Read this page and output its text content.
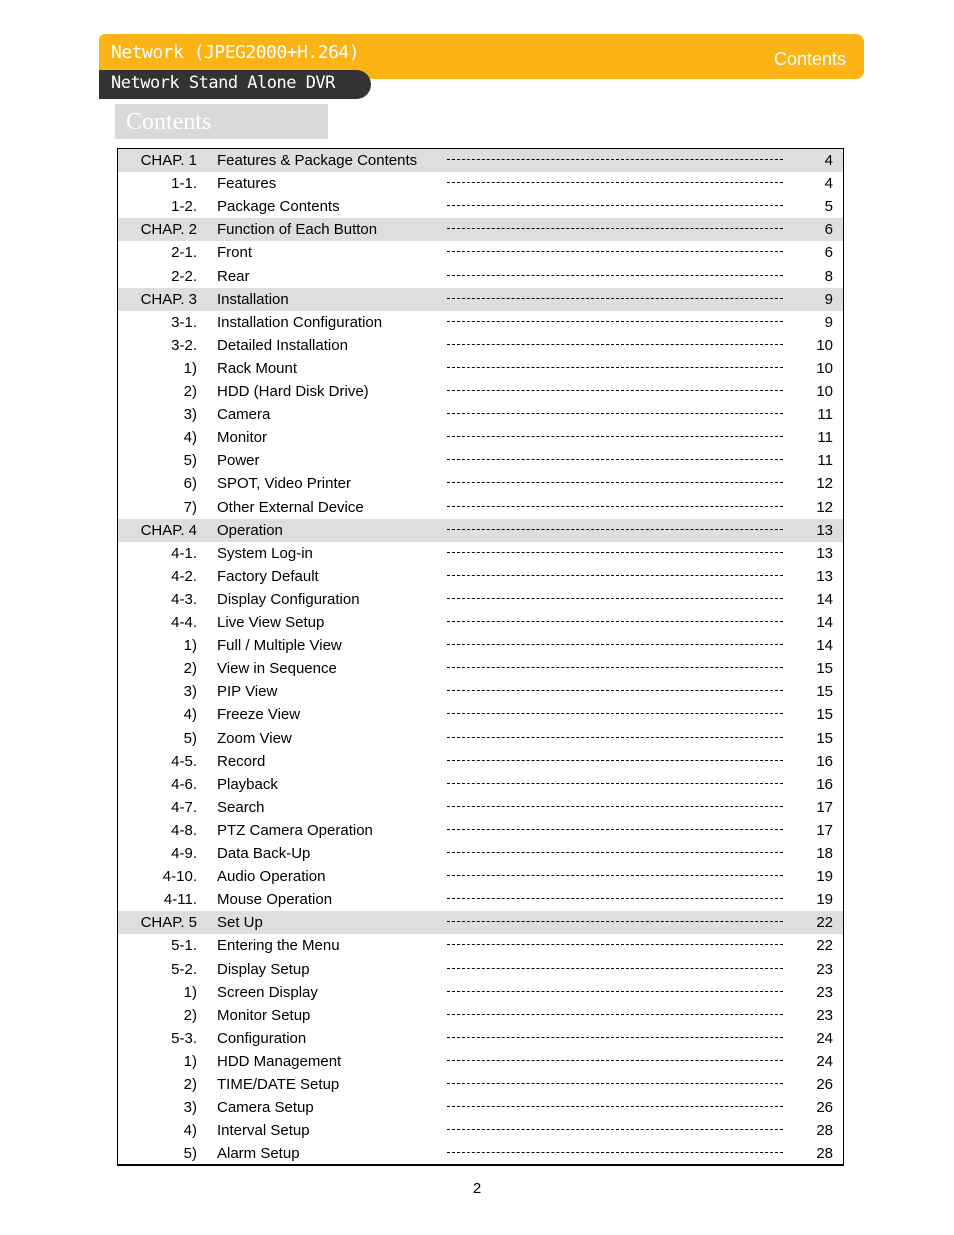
Network (JPEG2000+H.264)	Contents
Network Stand Alone DVR
Contents
CHAP. 1 Features & Package Contents	4
1-1. Features	4
1-2. Package Contents	5
CHAP. 2 Function of Each Button	6
2-1. Front	6
2-2. Rear	8
CHAP. 3 Installation	9
3-1. Installation Configuration	9
3-2. Detailed Installation	10
1) Rack Mount	10
2) HDD (Hard Disk Drive)	10
3) Camera	11
4) Monitor	11
5) Power	11
6) SPOT, Video Printer	12
7) Other External Device	12
CHAP. 4 Operation	13
4-1. System Log-in	13
4-2. Factory Default	13
4-3. Display Configuration	14
4-4. Live View Setup	14
1) Full / Multiple View	14
2) View in Sequence	15
3) PIP View	15
4) Freeze View	15
5) Zoom View	15
4-5. Record	16
4-6. Playback	16
4-7. Search	17
4-8. PTZ Camera Operation	17
4-9. Data Back-Up	18
4-10. Audio Operation	19
4-11. Mouse Operation	19
CHAP. 5 Set Up	22
5-1. Entering the Menu	22
5-2. Display Setup	23
1) Screen Display	23
2) Monitor Setup	23
5-3. Configuration	24
1) HDD Management	24
2) TIME/DATE Setup	26
3) Camera Setup	26
4) Interval Setup	28
5) Alarm Setup	28
2
